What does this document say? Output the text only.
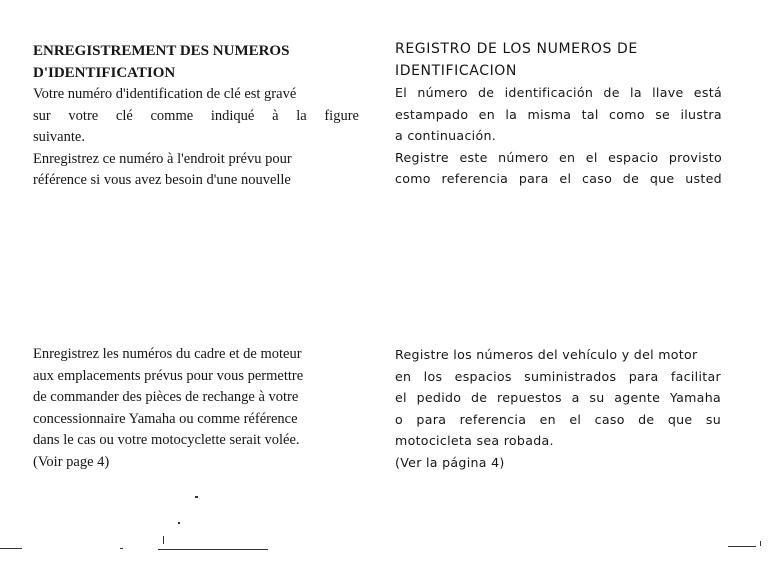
ENREGISTREMENT DES NUMEROS
D'IDENTIFICATION
Votre numéro d'identification de clé est gravé
sur votre clé comme indiqué à la figure
suivante.
Enregistrez ce numéro à l'endroit prévu pour
référence si vous avez besoin d'une nouvelle
REGISTRO DE LOS NUMEROS DE
IDENTIFICACION
El número de identificación de la llave está
estampado en la misma tal como se ilustra
a continuación.
Registre este número en el espacio provisto
como referencia para el caso de que usted
Enregistrez les numéros du cadre et de moteur
aux emplacements prévus pour vous permettre
de commander des pièces de rechange à votre
concessionnaire Yamaha ou comme référence
dans le cas ou votre motocyclette serait volée.
(Voir page 4)
Registre los números del vehículo y del motor
en los espacios suministrados para facilitar
el pedido de repuestos a su agente Yamaha
o para referencia en el caso de que su
motocicleta sea robada.
(Ver la página 4)
